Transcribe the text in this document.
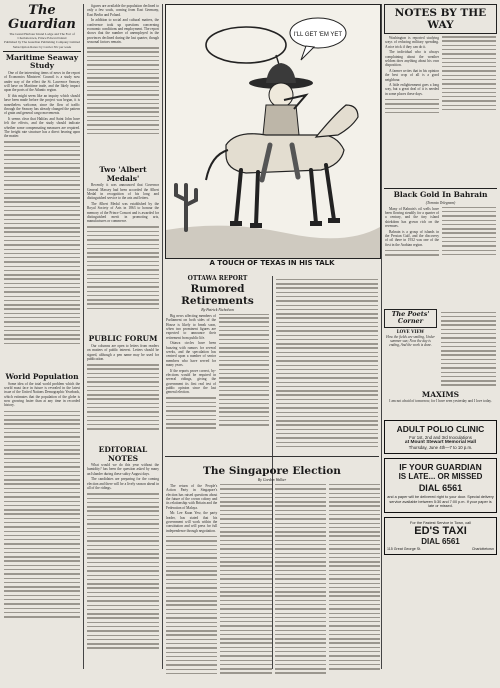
The Guardian
The Grand Harbour Island Lodge and The Fort of Charlottetown, Prince Edward Island
Published by The Guardian Publishing Company Limited
Subscription Rates: by Carrier 30c per week
Maritime Seaway Study

One of the interesting items of news in the report of Economics Ministers' Council is a study now under way of the effect the St. Lawrence Seaway will have on Maritime trade, and the likely impact upon the ports of the Atlantic region.

If this might seem like an inquiry which should have been made before the project was begun, it is nonetheless welcome, since the flow of traffic through the Seaway has already changed the pattern of grain and general cargo movements.

It seems clear that Halifax and Saint John have felt the effects, and the study should indicate whether some compensating measures are required. The freight rate structure has a direct bearing upon the matter.

World Population

Some idea of the total world problem which the world must face in future is revealed in the latest issue of the United Nations Demographic Yearbook, which estimates that the population of the globe is now growing faster than at any time in recorded history.

figures are available the population declined to only a few souls, coming from East Germany, East Berlin and Poland.

In addition to social and cultural matters, the conference took up questions concerning economic conditions and employment. The report shows that the number of unemployed in the provinces declined during the last quarter, though seasonal factors remain.

Two 'Albert Medals'

Recently it was announced that Governor General Massey had been accorded the Albert Medal in recognition of his long and distinguished service to the arts and letters.

The Albert Medal was established by the Royal Society of Arts in 1863 to honour the memory of the Prince Consort and is awarded for distinguished merit in promoting arts, manufactures or commerce.

PUBLIC FORUM

Our columns are open to letters from readers on matters of public interest. Letters should be signed, although a pen name may be used for publication.

EDITORIAL NOTES

What would we do this year without the humidity? has been the question asked by many an Islander during these sultry August days.

The candidates are preparing for the coming election and there will be a lively season ahead in all of the ridings.

I'LL GET 'EM YET
A TOUCH OF TEXAS IN HIS TALK
OTTAWA REPORT
Rumored Retirements
By Patrick Nicholson

Big news affecting members of Parliament on both sides of the House is likely to break soon, when two prominent figures are expected to announce their retirement from public life.

Ottawa circles have been buzzing with rumors for several weeks, and the speculation has centred upon a number of senior members who have served for many years.

If the reports prove correct, by-elections would be required in several ridings, giving the government its first real test of public opinion since the last general election.

The Singapore Election
By Gordon Walker

The return of the People's Action Party in Singapore's election has raised questions about the future of the crown colony and its relationship with Britain and the Federation of Malaya.

Mr. Lee Kuan Yew, the party leader, has stated that his government will work within the constitution and will press for full independence through negotiation.

NOTES BY THE WAY

Washington is reported studying ways of reducing military spending. A nice trick if they can do it.

The individual who is always complaining about the weather seldom does anything about his own disposition.

A farmer writes that in his opinion the best crop of all is a good neighbour.

A little enlightenment goes a long way, but a great deal of it is needed in some places these days.

Black Gold In Bahrain
(Toronto Telegram)

Many of Bahrain's oil wells have been flowing steadily for a quarter of a century, and the tiny island shiekdom has grown rich on the revenues.

Bahrain is a group of islands in the Persian Gulf, and the discovery of oil there in 1932 was one of the first in the Arabian region.

The Poets' Corner
LOVE VIEW

How the fields are smiling, Under summer sun; Now the day is ending, And the work is done.

MAXIMS

I am not afraid of tomorrow, for I have seen yesterday and I love today.

ADULT POLIO CLINIC
For 1st, 2nd and 3rd Inoculations
at Mount Stewart Memorial Hall
Thursday, June 4th—7 to 10 p.m.
IF YOUR GUARDIAN
IS LATE... OR MISSED
DIAL 6561
and a paper will be delivered right to your door. Special delivery service available between 5:30 and 7:00 p.m. If your paper is late or missed.
For the Fastest Service in Town, call
ED'S TAXI
DIAL 6561
115 Great George St.	Charlottetown
